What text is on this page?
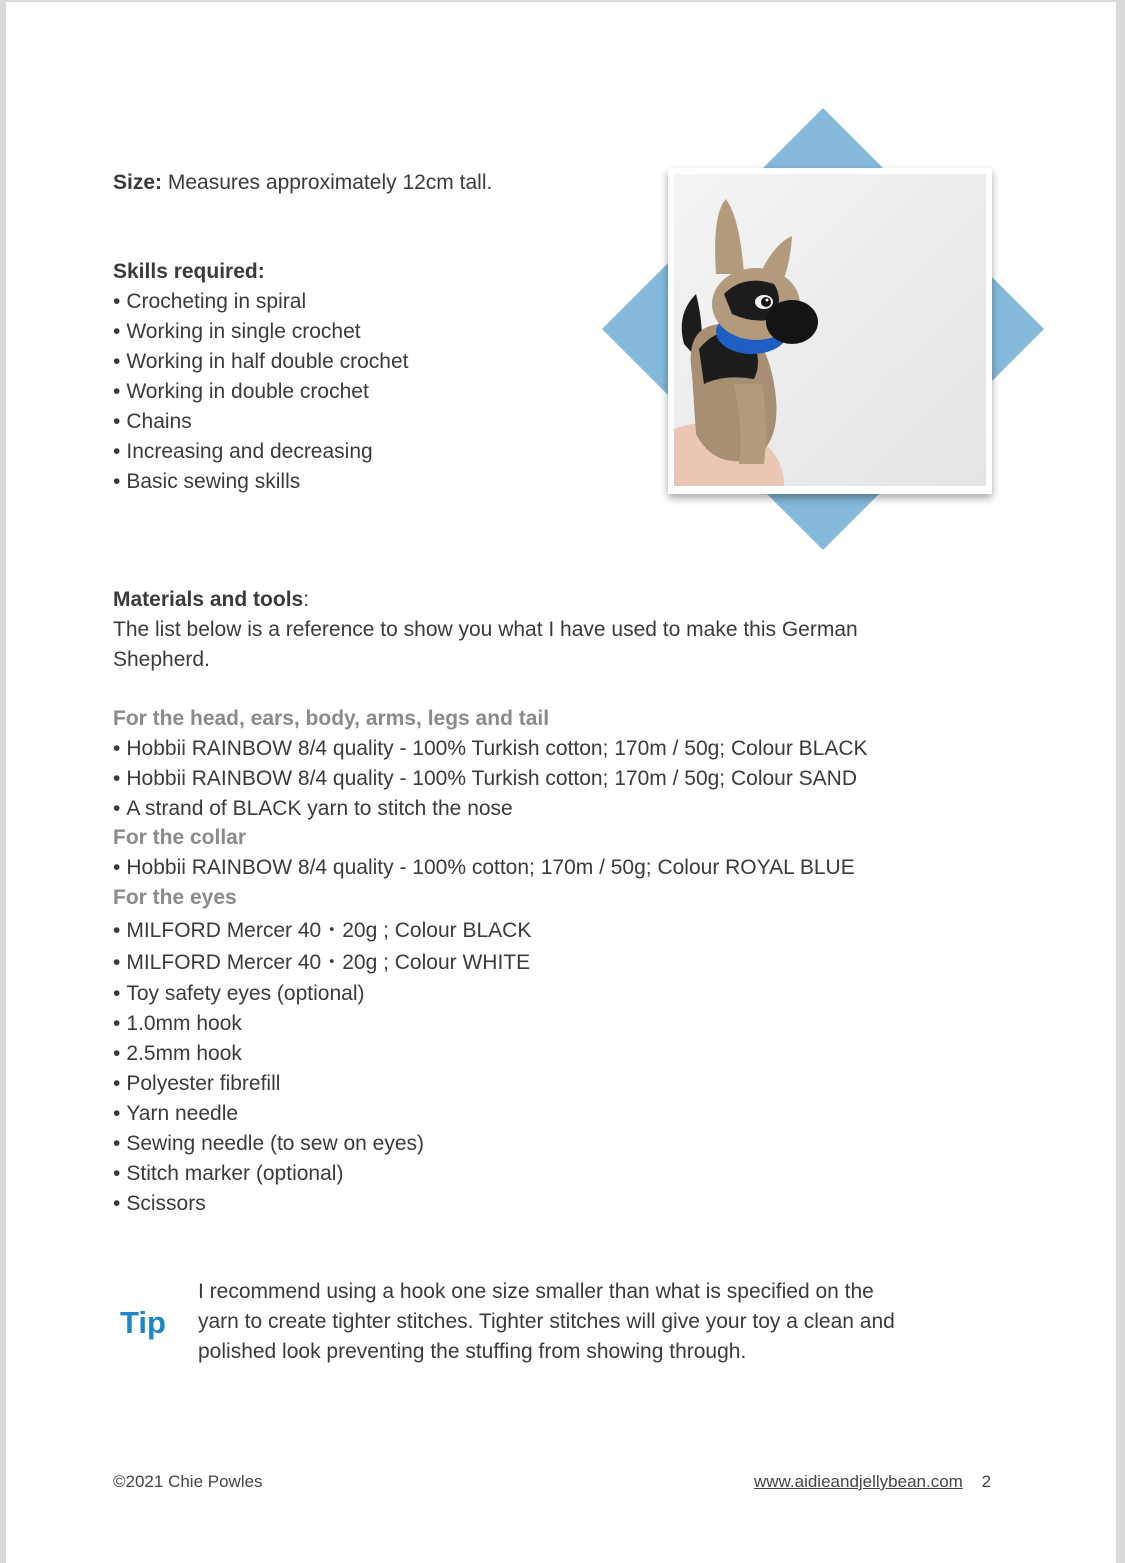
Size: Measures approximately 12cm tall.
Skills required:
• Crocheting in spiral
• Working in single crochet
• Working in half double crochet
• Working in double crochet
• Chains
• Increasing and decreasing
• Basic sewing skills
Materials and tools:
The list below is a reference to show you what I have used to make this German
Shepherd.
For the head, ears, body, arms, legs and tail
• Hobbii RAINBOW 8/4 quality - 100% Turkish cotton; 170m / 50g; Colour BLACK
• Hobbii RAINBOW 8/4 quality - 100% Turkish cotton; 170m / 50g; Colour SAND
• A strand of BLACK yarn to stitch the nose
For the collar
• Hobbii RAINBOW 8/4 quality - 100% cotton; 170m / 50g; Colour ROYAL BLUE
For the eyes
• MILFORD Mercer 40・20g ; Colour BLACK
• MILFORD Mercer 40・20g ; Colour WHITE
• Toy safety eyes (optional)
• 1.0mm hook
• 2.5mm hook
• Polyester fibrefill
• Yarn needle
• Sewing needle (to sew on eyes)
• Stitch marker (optional)
• Scissors
Tip
I recommend using a hook one size smaller than what is specified on the
yarn to create tighter stitches. Tighter stitches will give your toy a clean and
polished look preventing the stuffing from showing through.
©2021 Chie Powles	www.aidieandjellybean.com 2
